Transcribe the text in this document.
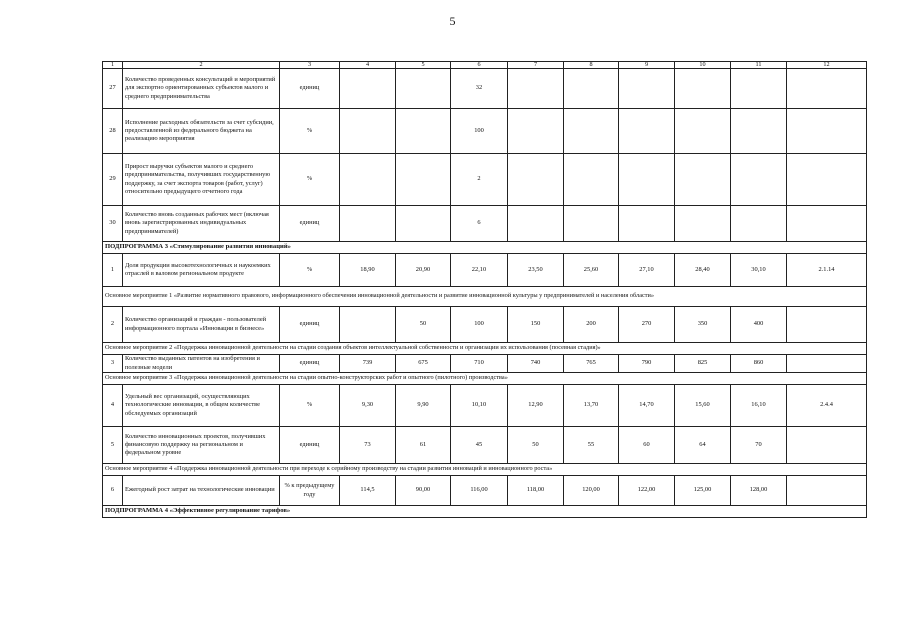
5
1	2	3	4	5	6	7	8	9	10	11	12
27	Количество проведенных консультаций и мероприятий для экспортно ориентированных субъектов малого и среднего предпринимательства	единиц			32						
28	Исполнение расходных обязательств за счет субсидии, предоставленной из федерального бюджета на реализацию мероприятия	%			100						
29	Прирост выручки субъектов малого и среднего предпринимательства, получивших государственную поддержку, за счет экспорта товаров (работ, услуг) относительно предыдущего отчетного года	%			2						
30	Количество вновь созданных рабочих мест (включая вновь зарегистрированных индивидуальных предпринимателей)	единиц			6						
ПОДПРОГРАММА 3 «Стимулирование развития инноваций»											
1	Доля продукции высокотехнологичных и наукоемких отраслей в валовом региональном продукте	%	18,90	20,90	22,10	23,50	25,60	27,10	28,40	30,10	2.1.14
Основное мероприятие 1 «Развитие нормативного правового, информационного обеспечения инновационной деятельности и развитие инновационной культуры у предпринимателей и населения области»											
2	Количество организаций и граждан - пользователей информационного портала «Инновации в бизнесе»	единиц		50	100	150	200	270	350	400	
Основное мероприятие 2 «Поддержка инновационной деятельности на стадии создания объектов интеллектуальной собственности и организации их использования (посевная стадия)»											
3	Количество выданных патентов на изобретения и полезные модели	единиц	739	675	710	740	765	790	825	860	
Основное мероприятие 3 «Поддержка инновационной деятельности на стадии опытно-конструкторских работ и опытного (пилотного) производства»											
4	Удельный вес организаций, осуществляющих технологические инновации, в общем количестве обследуемых организаций	%	9,30	9,90	10,10	12,90	13,70	14,70	15,60	16,10	2.4.4
5	Количество инновационных проектов, получивших финансовую поддержку на региональном и федеральном уровне	единиц	73	61	45	50	55	60	64	70	
Основное мероприятие 4 «Поддержка инновационной деятельности при переходе к серийному производству на стадии развития инноваций и инновационного роста»											
6	Ежегодный рост затрат на технологические инновации	% к предыдущему году	114,5	90,00	116,00	118,00	120,00	122,00	125,00	128,00	
ПОДПРОГРАММА 4 «Эффективное регулирование тарифов»											
